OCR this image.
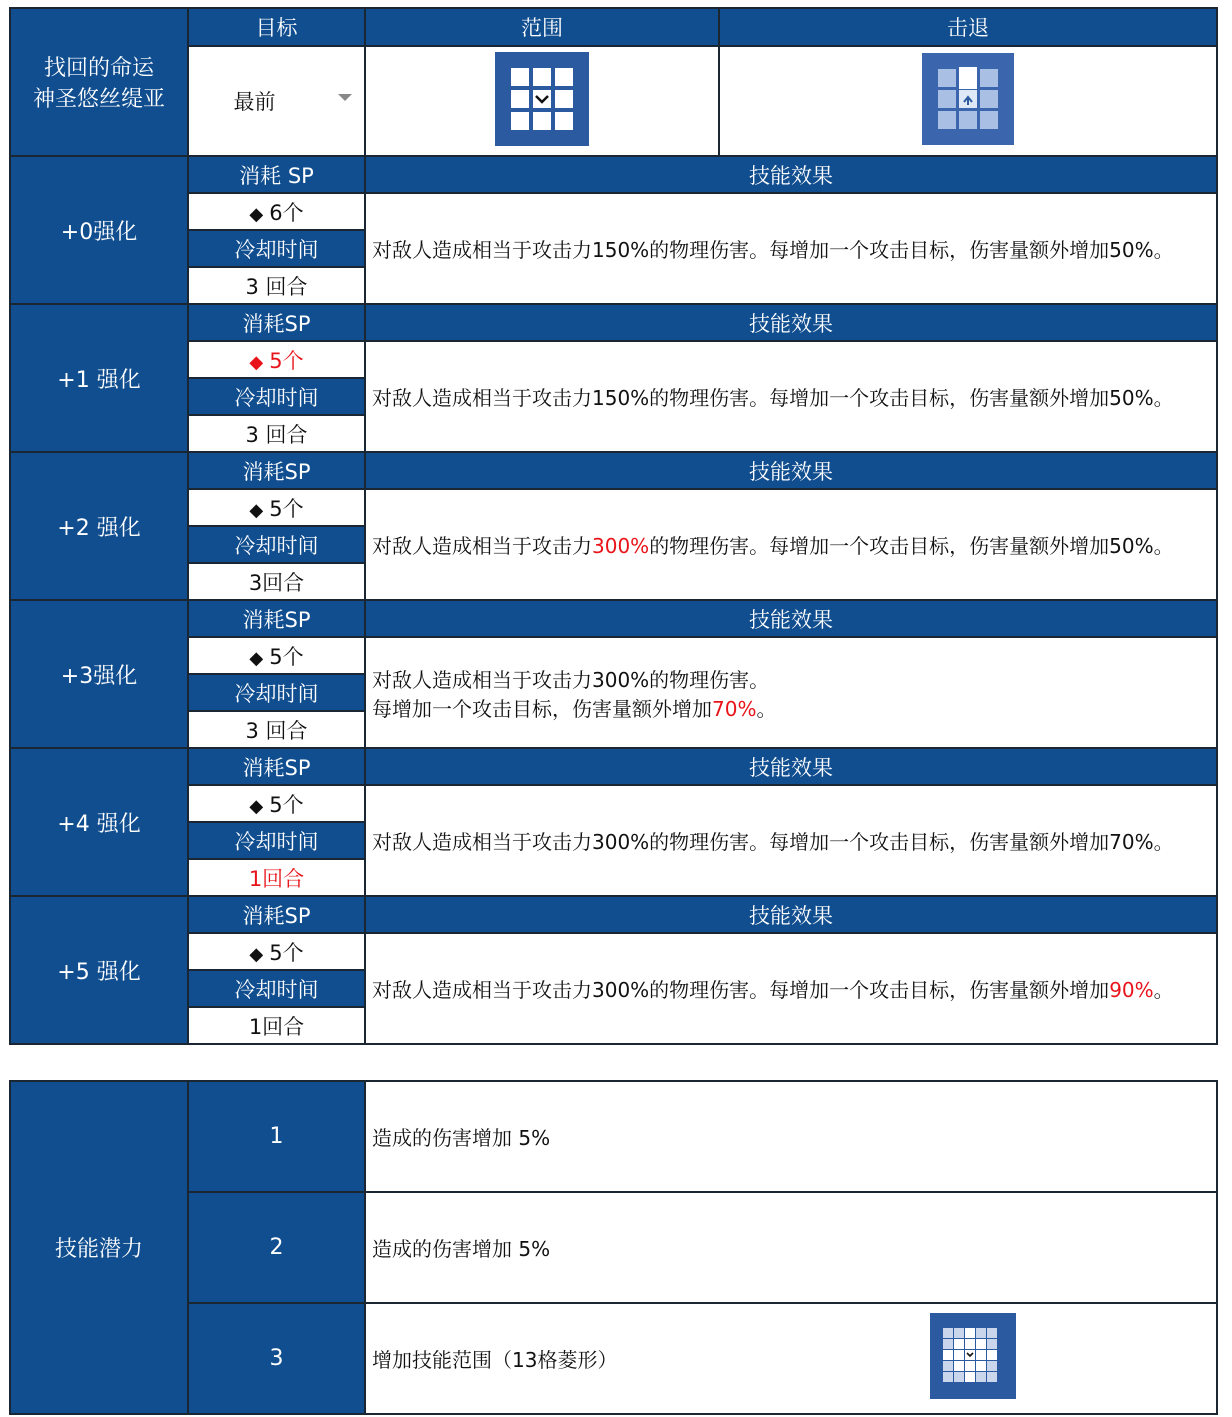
找回的命运
神圣悠丝缇亚	目标	范围	击退
	最前

+0强化	消耗 SP	技能效果	
	◆ 6个	对敌人造成相当于攻击力150%的物理伤害。每增加一个攻击目标，伤害量额外增加50%。	
	冷却时间		
	3 回合		
+1 强化	消耗SP	技能效果	
	◆ 5个	对敌人造成相当于攻击力150%的物理伤害。每增加一个攻击目标，伤害量额外增加50%。	
	冷却时间		
	3 回合		
+2 强化	消耗SP	技能效果	
	◆ 5个	对敌人造成相当于攻击力300%的物理伤害。每增加一个攻击目标，伤害量额外增加50%。	
	冷却时间		
	3回合		
+3强化	消耗SP	技能效果	
	◆ 5个	对敌人造成相当于攻击力300%的物理伤害。
每增加一个攻击目标，伤害量额外增加70%。	

	冷却时间		
	3 回合		
+4 强化	消耗SP	技能效果	
	◆ 5个	对敌人造成相当于攻击力300%的物理伤害。每增加一个攻击目标，伤害量额外增加70%。	
	冷却时间		
	1回合		
+5 强化	消耗SP	技能效果	
	◆ 5个	对敌人造成相当于攻击力300%的物理伤害。每增加一个攻击目标，伤害量额外增加90%。	
	冷却时间		
	1回合		
技能潜力	1	造成的伤害增加 5%
	2	造成的伤害增加 5%
	3	增加技能范围（13格菱形）
